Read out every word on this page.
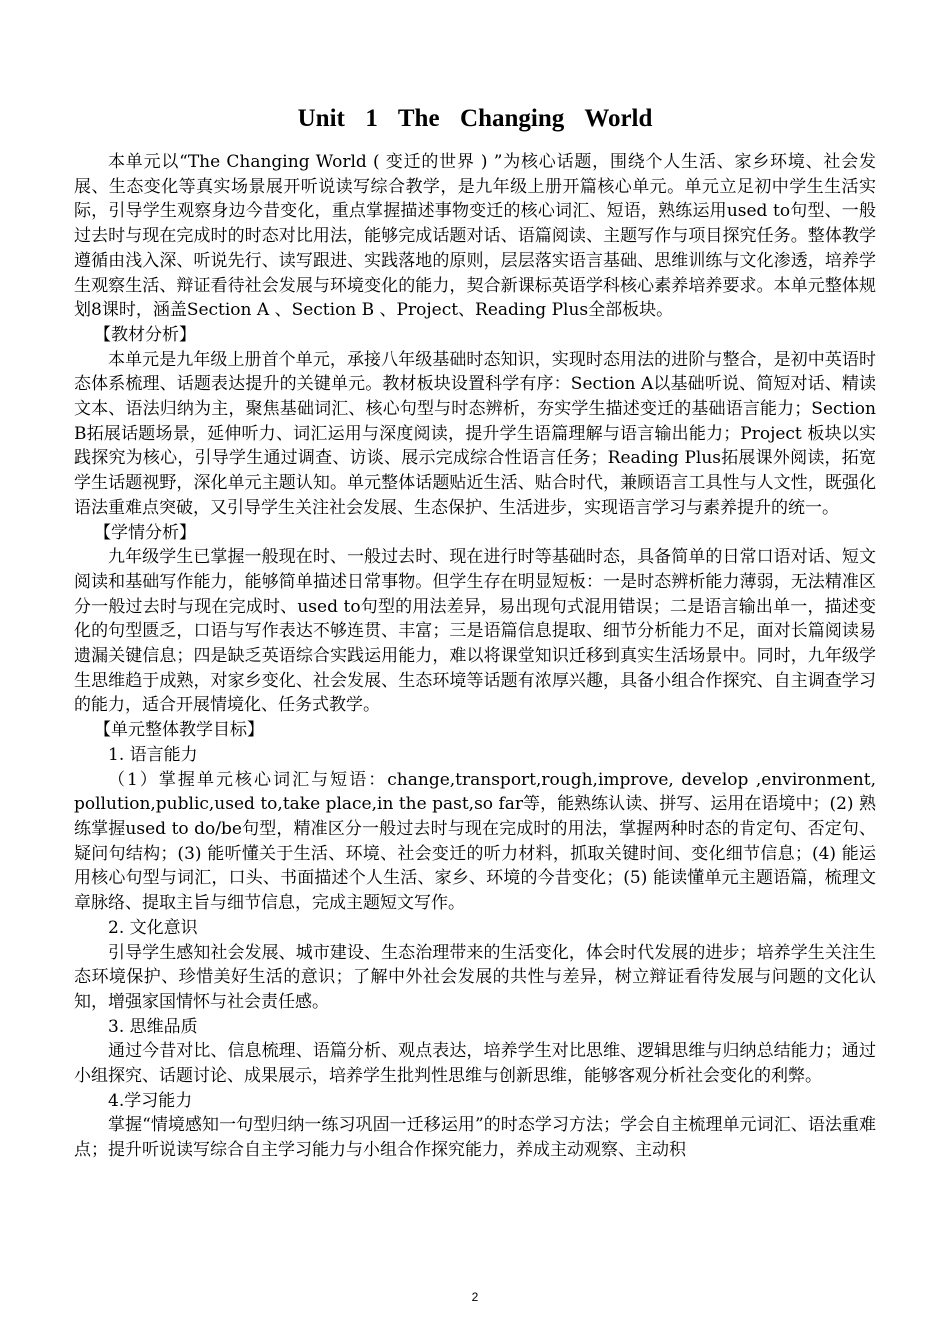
Unit  1  The  Changing  World

本单元以“The Changing World ( 变迁的世界 ) ”为核心话题，围绕个人生活、家乡环境、社会发展、生态变化等真实场景展开听说读写综合教学，是九年级上册开篇核心单元。单元立足初中学生生活实际，引导学生观察身边今昔变化，重点掌握描述事物变迁的核心词汇、短语，熟练运用used to句型、一般过去时与现在完成时的时态对比用法，能够完成话题对话、语篇阅读、主题写作与项目探究任务。整体教学遵循由浅入深、听说先行、读写跟进、实践落地的原则，层层落实语言基础、思维训练与文化渗透，培养学生观察生活、辩证看待社会发展与环境变化的能力，契合新课标英语学科核心素养培养要求。本单元整体规划8课时，涵盖Section A 、Section B 、Project、Reading Plus全部板块。

【教材分析】

本单元是九年级上册首个单元，承接八年级基础时态知识，实现时态用法的进阶与整合，是初中英语时态体系梳理、话题表达提升的关键单元。教材板块设置科学有序：Section A以基础听说、简短对话、精读文本、语法归纳为主，聚焦基础词汇、核心句型与时态辨析，夯实学生描述变迁的基础语言能力；Section B拓展话题场景，延伸听力、词汇运用与深度阅读，提升学生语篇理解与语言输出能力；Project 板块以实践探究为核心，引导学生通过调查、访谈、展示完成综合性语言任务；Reading Plus拓展课外阅读，拓宽学生话题视野，深化单元主题认知。单元整体话题贴近生活、贴合时代，兼顾语言工具性与人文性，既强化语法重难点突破，又引导学生关注社会发展、生态保护、生活进步，实现语言学习与素养提升的统一。

【学情分析】

九年级学生已掌握一般现在时、一般过去时、现在进行时等基础时态，具备简单的日常口语对话、短文阅读和基础写作能力，能够简单描述日常事物。但学生存在明显短板：一是时态辨析能力薄弱，无法精准区分一般过去时与现在完成时、used to句型的用法差异，易出现句式混用错误；二是语言输出单一，描述变化的句型匮乏，口语与写作表达不够连贯、丰富；三是语篇信息提取、细节分析能力不足，面对长篇阅读易遗漏关键信息；四是缺乏英语综合实践运用能力，难以将课堂知识迁移到真实生活场景中。同时，九年级学生思维趋于成熟，对家乡变化、社会发展、生态环境等话题有浓厚兴趣，具备小组合作探究、自主调查学习的能力，适合开展情境化、任务式教学。

【单元整体教学目标】

1. 语言能力

（1）掌握单元核心词汇与短语：change,transport,rough,improve, develop ,environment, pollution,public,used to,take place,in the past,so far等，能熟练认读、拼写、运用在语境中；(2) 熟练掌握used to do/be句型，精准区分一般过去时与现在完成时的用法，掌握两种时态的肯定句、否定句、疑问句结构；(3) 能听懂关于生活、环境、社会变迁的听力材料，抓取关键时间、变化细节信息；(4) 能运用核心句型与词汇，口头、书面描述个人生活、家乡、环境的今昔变化；(5) 能读懂单元主题语篇，梳理文章脉络、提取主旨与细节信息，完成主题短文写作。

2. 文化意识

引导学生感知社会发展、城市建设、生态治理带来的生活变化，体会时代发展的进步；培养学生关注生态环境保护、珍惜美好生活的意识；了解中外社会发展的共性与差异，树立辩证看待发展与问题的文化认知，增强家国情怀与社会责任感。

3. 思维品质

通过今昔对比、信息梳理、语篇分析、观点表达，培养学生对比思维、逻辑思维与归纳总结能力；通过小组探究、话题讨论、成果展示，培养学生批判性思维与创新思维，能够客观分析社会变化的利弊。

4.学习能力

掌握“情境感知一句型归纳一练习巩固一迁移运用”的时态学习方法；学会自主梳理单元词汇、语法重难点；提升听说读写综合自主学习能力与小组合作探究能力，养成主动观察、主动积

2
